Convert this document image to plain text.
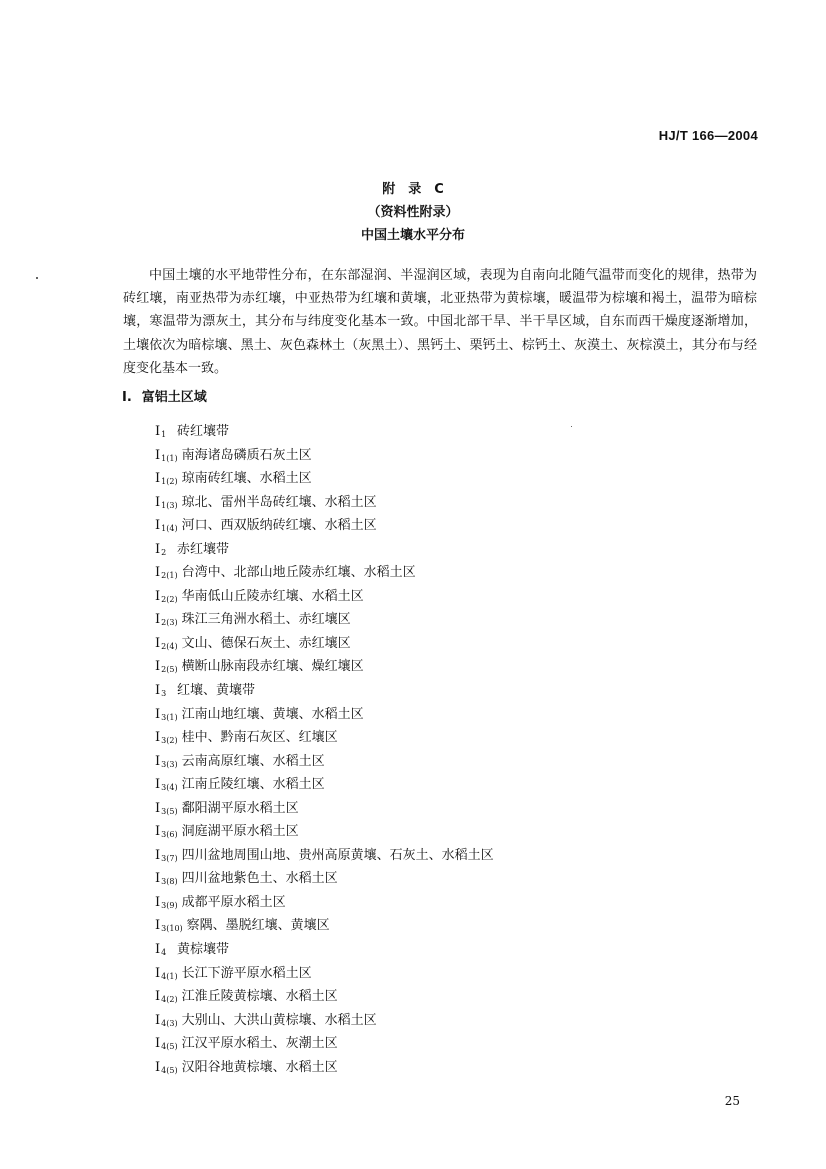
HJ/T 166—2004
附　录　C
（资料性附录）
中国土壤水平分布

中国土壤的水平地带性分布，在东部湿润、半湿润区域，表现为自南向北随气温带而变化的规律，热带为砖红壤，南亚热带为赤红壤，中亚热带为红壤和黄壤，北亚热带为黄棕壤，暖温带为棕壤和褐土，温带为暗棕壤，寒温带为漂灰土，其分布与纬度变化基本一致。中国北部干旱、半干旱区域，自东而西干燥度逐渐增加，土壤依次为暗棕壤、黑土、灰色森林土（灰黑土）、黑钙土、栗钙土、棕钙土、灰漠土、灰棕漠土，其分布与经度变化基本一致。

Ⅰ. 富铝土区域
$Ⅰ_1$ 砖红壤带
$Ⅰ_{1(1)}$ 南海诸岛磷质石灰土区
$Ⅰ_{1(2)}$ 琼南砖红壤、水稻土区
$Ⅰ_{1(3)}$ 琼北、雷州半岛砖红壤、水稻土区
$Ⅰ_{1(4)}$ 河口、西双版纳砖红壤、水稻土区
$Ⅰ_2$ 赤红壤带
$Ⅰ_{2(1)}$ 台湾中、北部山地丘陵赤红壤、水稻土区
$Ⅰ_{2(2)}$ 华南低山丘陵赤红壤、水稻土区
$Ⅰ_{2(3)}$ 珠江三角洲水稻土、赤红壤区
$Ⅰ_{2(4)}$ 文山、德保石灰土、赤红壤区
$Ⅰ_{2(5)}$ 横断山脉南段赤红壤、燥红壤区
$Ⅰ_3$ 红壤、黄壤带
$Ⅰ_{3(1)}$ 江南山地红壤、黄壤、水稻土区
$Ⅰ_{3(2)}$ 桂中、黔南石灰区、红壤区
$Ⅰ_{3(3)}$ 云南高原红壤、水稻土区
$Ⅰ_{3(4)}$ 江南丘陵红壤、水稻土区
$Ⅰ_{3(5)}$ 鄱阳湖平原水稻土区
$Ⅰ_{3(6)}$ 洞庭湖平原水稻土区
$Ⅰ_{3(7)}$ 四川盆地周围山地、贵州高原黄壤、石灰土、水稻土区
$Ⅰ_{3(8)}$ 四川盆地紫色土、水稻土区
$Ⅰ_{3(9)}$ 成都平原水稻土区
$Ⅰ_{3(10)}$ 察隅、墨脱红壤、黄壤区
$Ⅰ_4$ 黄棕壤带
$Ⅰ_{4(1)}$ 长江下游平原水稻土区
$Ⅰ_{4(2)}$ 江淮丘陵黄棕壤、水稻土区
$Ⅰ_{4(3)}$ 大别山、大洪山黄棕壤、水稻土区
$Ⅰ_{4(5)}$ 江汉平原水稻土、灰潮土区
$Ⅰ_{4(5)}$ 汉阳谷地黄棕壤、水稻土区
25
